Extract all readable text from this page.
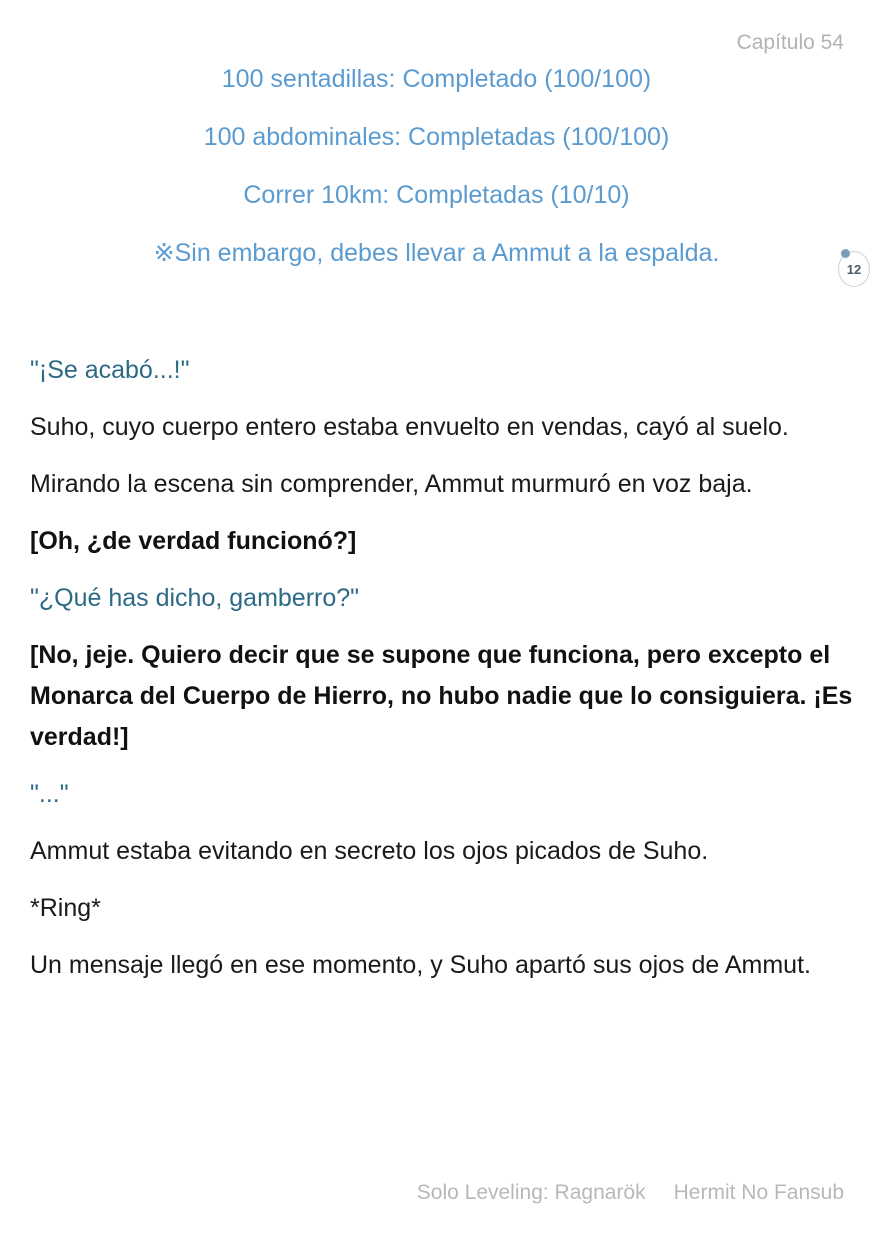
Capítulo 54
100 sentadillas: Completado (100/100)
100 abdominales: Completadas (100/100)
Correr 10km: Completadas (10/10)
※Sin embargo, debes llevar a Ammut a la espalda.
12

"¡Se acabó...!"

Suho, cuyo cuerpo entero estaba envuelto en vendas, cayó al suelo.

Mirando la escena sin comprender, Ammut murmuró en voz baja.

[Oh, ¿de verdad funcionó?]

"¿Qué has dicho, gamberro?"

[No, jeje. Quiero decir que se supone que funciona, pero excepto el Monarca del Cuerpo de Hierro, no hubo nadie que lo consiguiera. ¡Es verdad!]

"..."

Ammut estaba evitando en secreto los ojos picados de Suho.

*Ring*

Un mensaje llegó en ese momento, y Suho apartó sus ojos de Ammut.

Solo Leveling: Ragnarök Hermit No Fansub
